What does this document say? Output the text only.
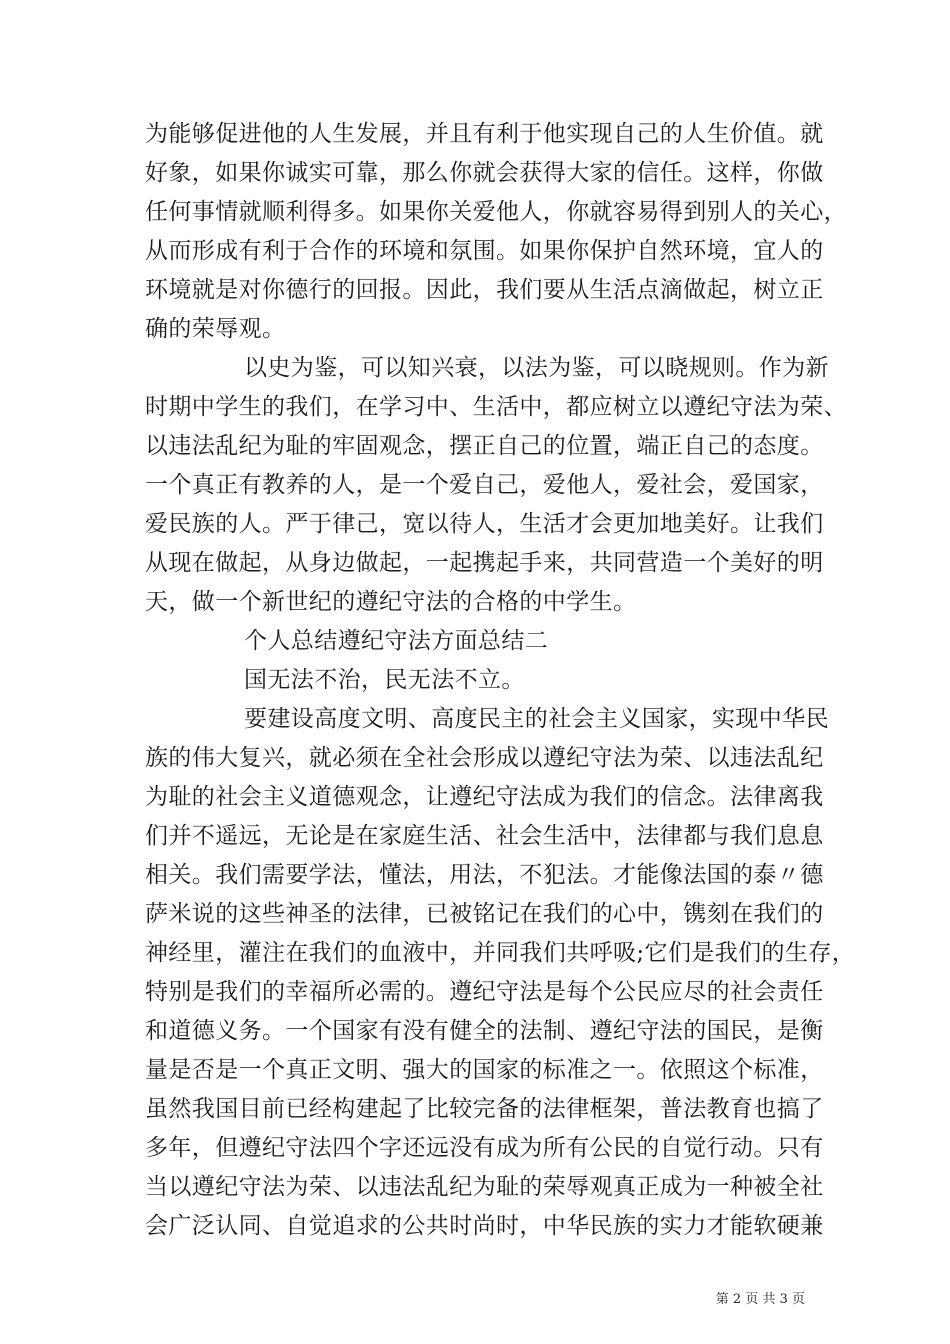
为能够促进他的人生发展，并且有利于他实现自己的人生价值。就
好象，如果你诚实可靠，那么你就会获得大家的信任。这样，你做
任何事情就顺利得多。如果你关爱他人，你就容易得到别人的关心，
从而形成有利于合作的环境和氛围。如果你保护自然环境，宜人的
环境就是对你德行的回报。因此，我们要从生活点滴做起，树立正
确的荣辱观。
以史为鉴，可以知兴衰，以法为鉴，可以晓规则。作为新
时期中学生的我们，在学习中、生活中，都应树立以遵纪守法为荣、
以违法乱纪为耻的牢固观念，摆正自己的位置，端正自己的态度。
一个真正有教养的人，是一个爱自己，爱他人，爱社会，爱国家，
爱民族的人。严于律己，宽以待人，生活才会更加地美好。让我们
从现在做起，从身边做起，一起携起手来，共同营造一个美好的明
天，做一个新世纪的遵纪守法的合格的中学生。
个人总结遵纪守法方面总结二
国无法不治，民无法不立。
要建设高度文明、高度民主的社会主义国家，实现中华民
族的伟大复兴，就必须在全社会形成以遵纪守法为荣、以违法乱纪
为耻的社会主义道德观念，让遵纪守法成为我们的信念。法律离我
们并不遥远，无论是在家庭生活、社会生活中，法律都与我们息息
相关。我们需要学法，懂法，用法，不犯法。才能像法国的泰〃德
萨米说的这些神圣的法律，已被铭记在我们的心中，镌刻在我们的
神经里，灌注在我们的血液中，并同我们共呼吸;它们是我们的生存，
特别是我们的幸福所必需的。遵纪守法是每个公民应尽的社会责任
和道德义务。一个国家有没有健全的法制、遵纪守法的国民，是衡
量是否是一个真正文明、强大的国家的标准之一。依照这个标准，
虽然我国目前已经构建起了比较完备的法律框架，普法教育也搞了
多年，但遵纪守法四个字还远没有成为所有公民的自觉行动。只有
当以遵纪守法为荣、以违法乱纪为耻的荣辱观真正成为一种被全社
会广泛认同、自觉追求的公共时尚时，中华民族的实力才能软硬兼
第 2 页 共 3 页
